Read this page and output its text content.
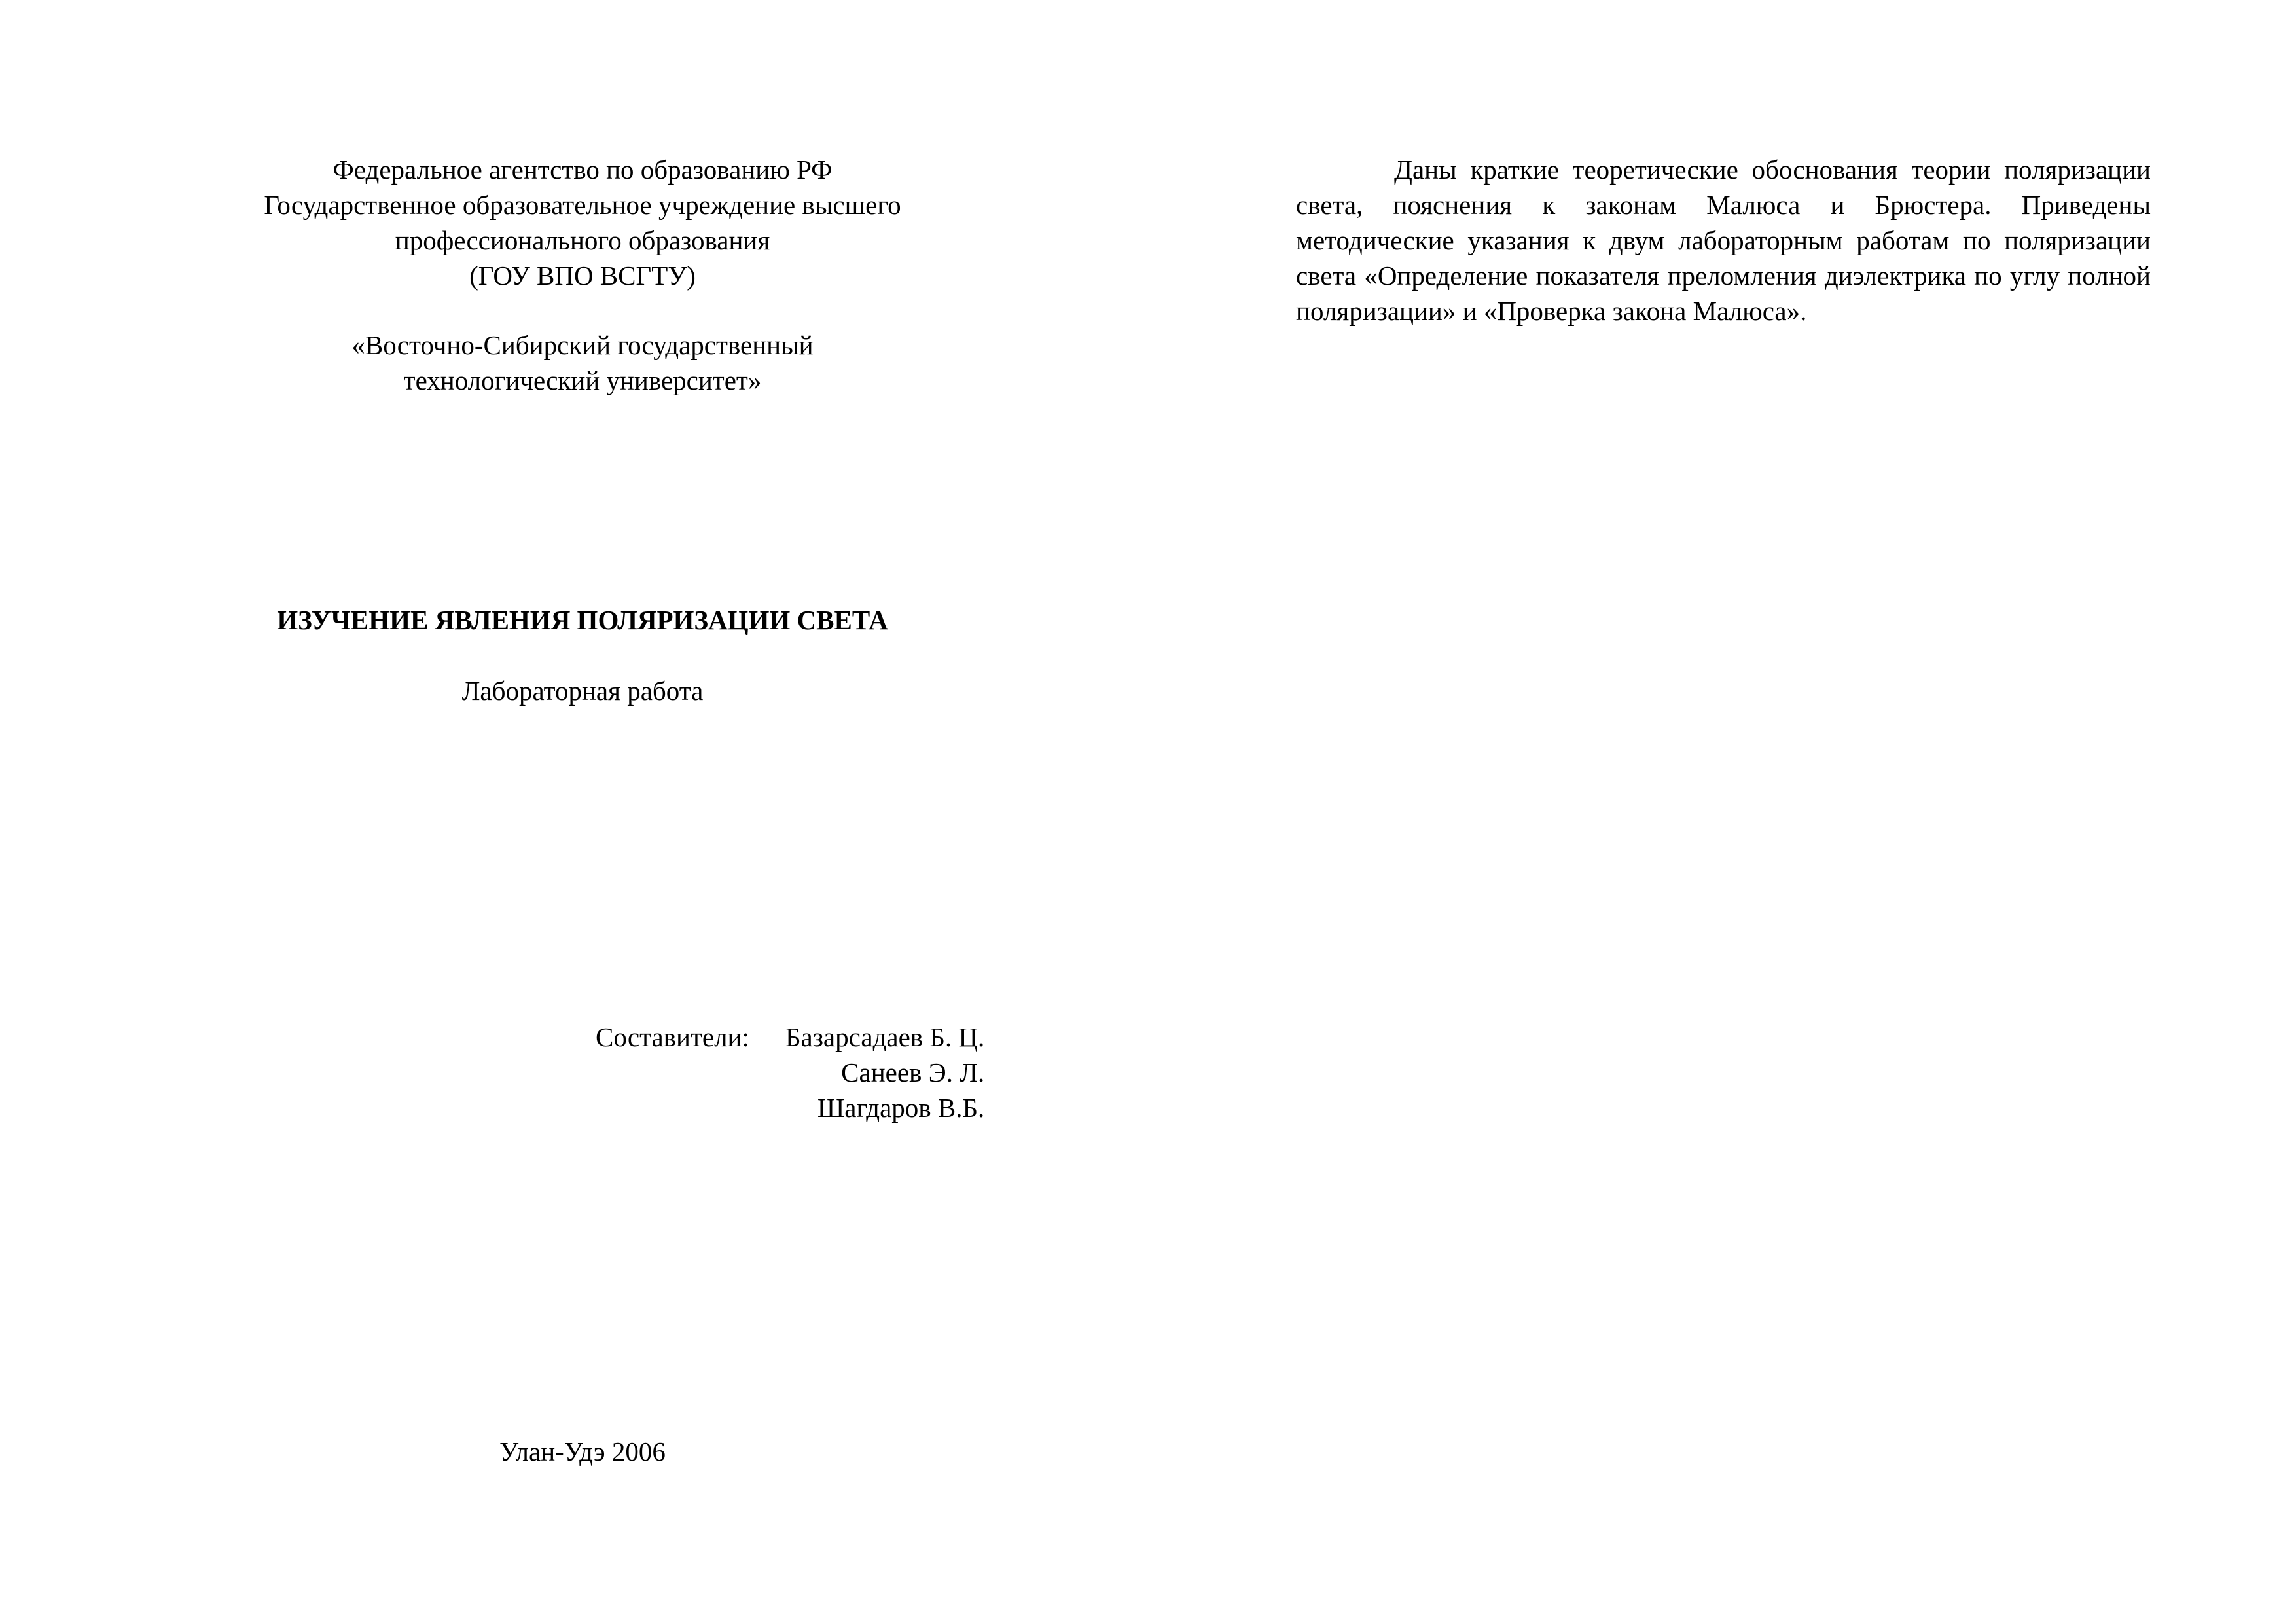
Федеральное агентство по образованию РФ
Государственное образовательное учреждение высшего
профессионального образования
(ГОУ ВПО ВСГТУ)
«Восточно-Сибирский государственный
технологический университет»
ИЗУЧЕНИЕ ЯВЛЕНИЯ ПОЛЯРИЗАЦИИ СВЕТА
Лабораторная работа
Составители:	Базарсадаев Б. Ц.
Санеев Э. Л.
Шагдаров В.Б.
Улан-Удэ 2006

Даны краткие теоретические обоснования теории поляризации света, пояснения к законам Малюса и Брюстера. Приведены методические указания к двум лабораторным работам по поляризации света «Определение показателя преломления диэлектрика по углу полной поляризации» и «Проверка закона Малюса».
